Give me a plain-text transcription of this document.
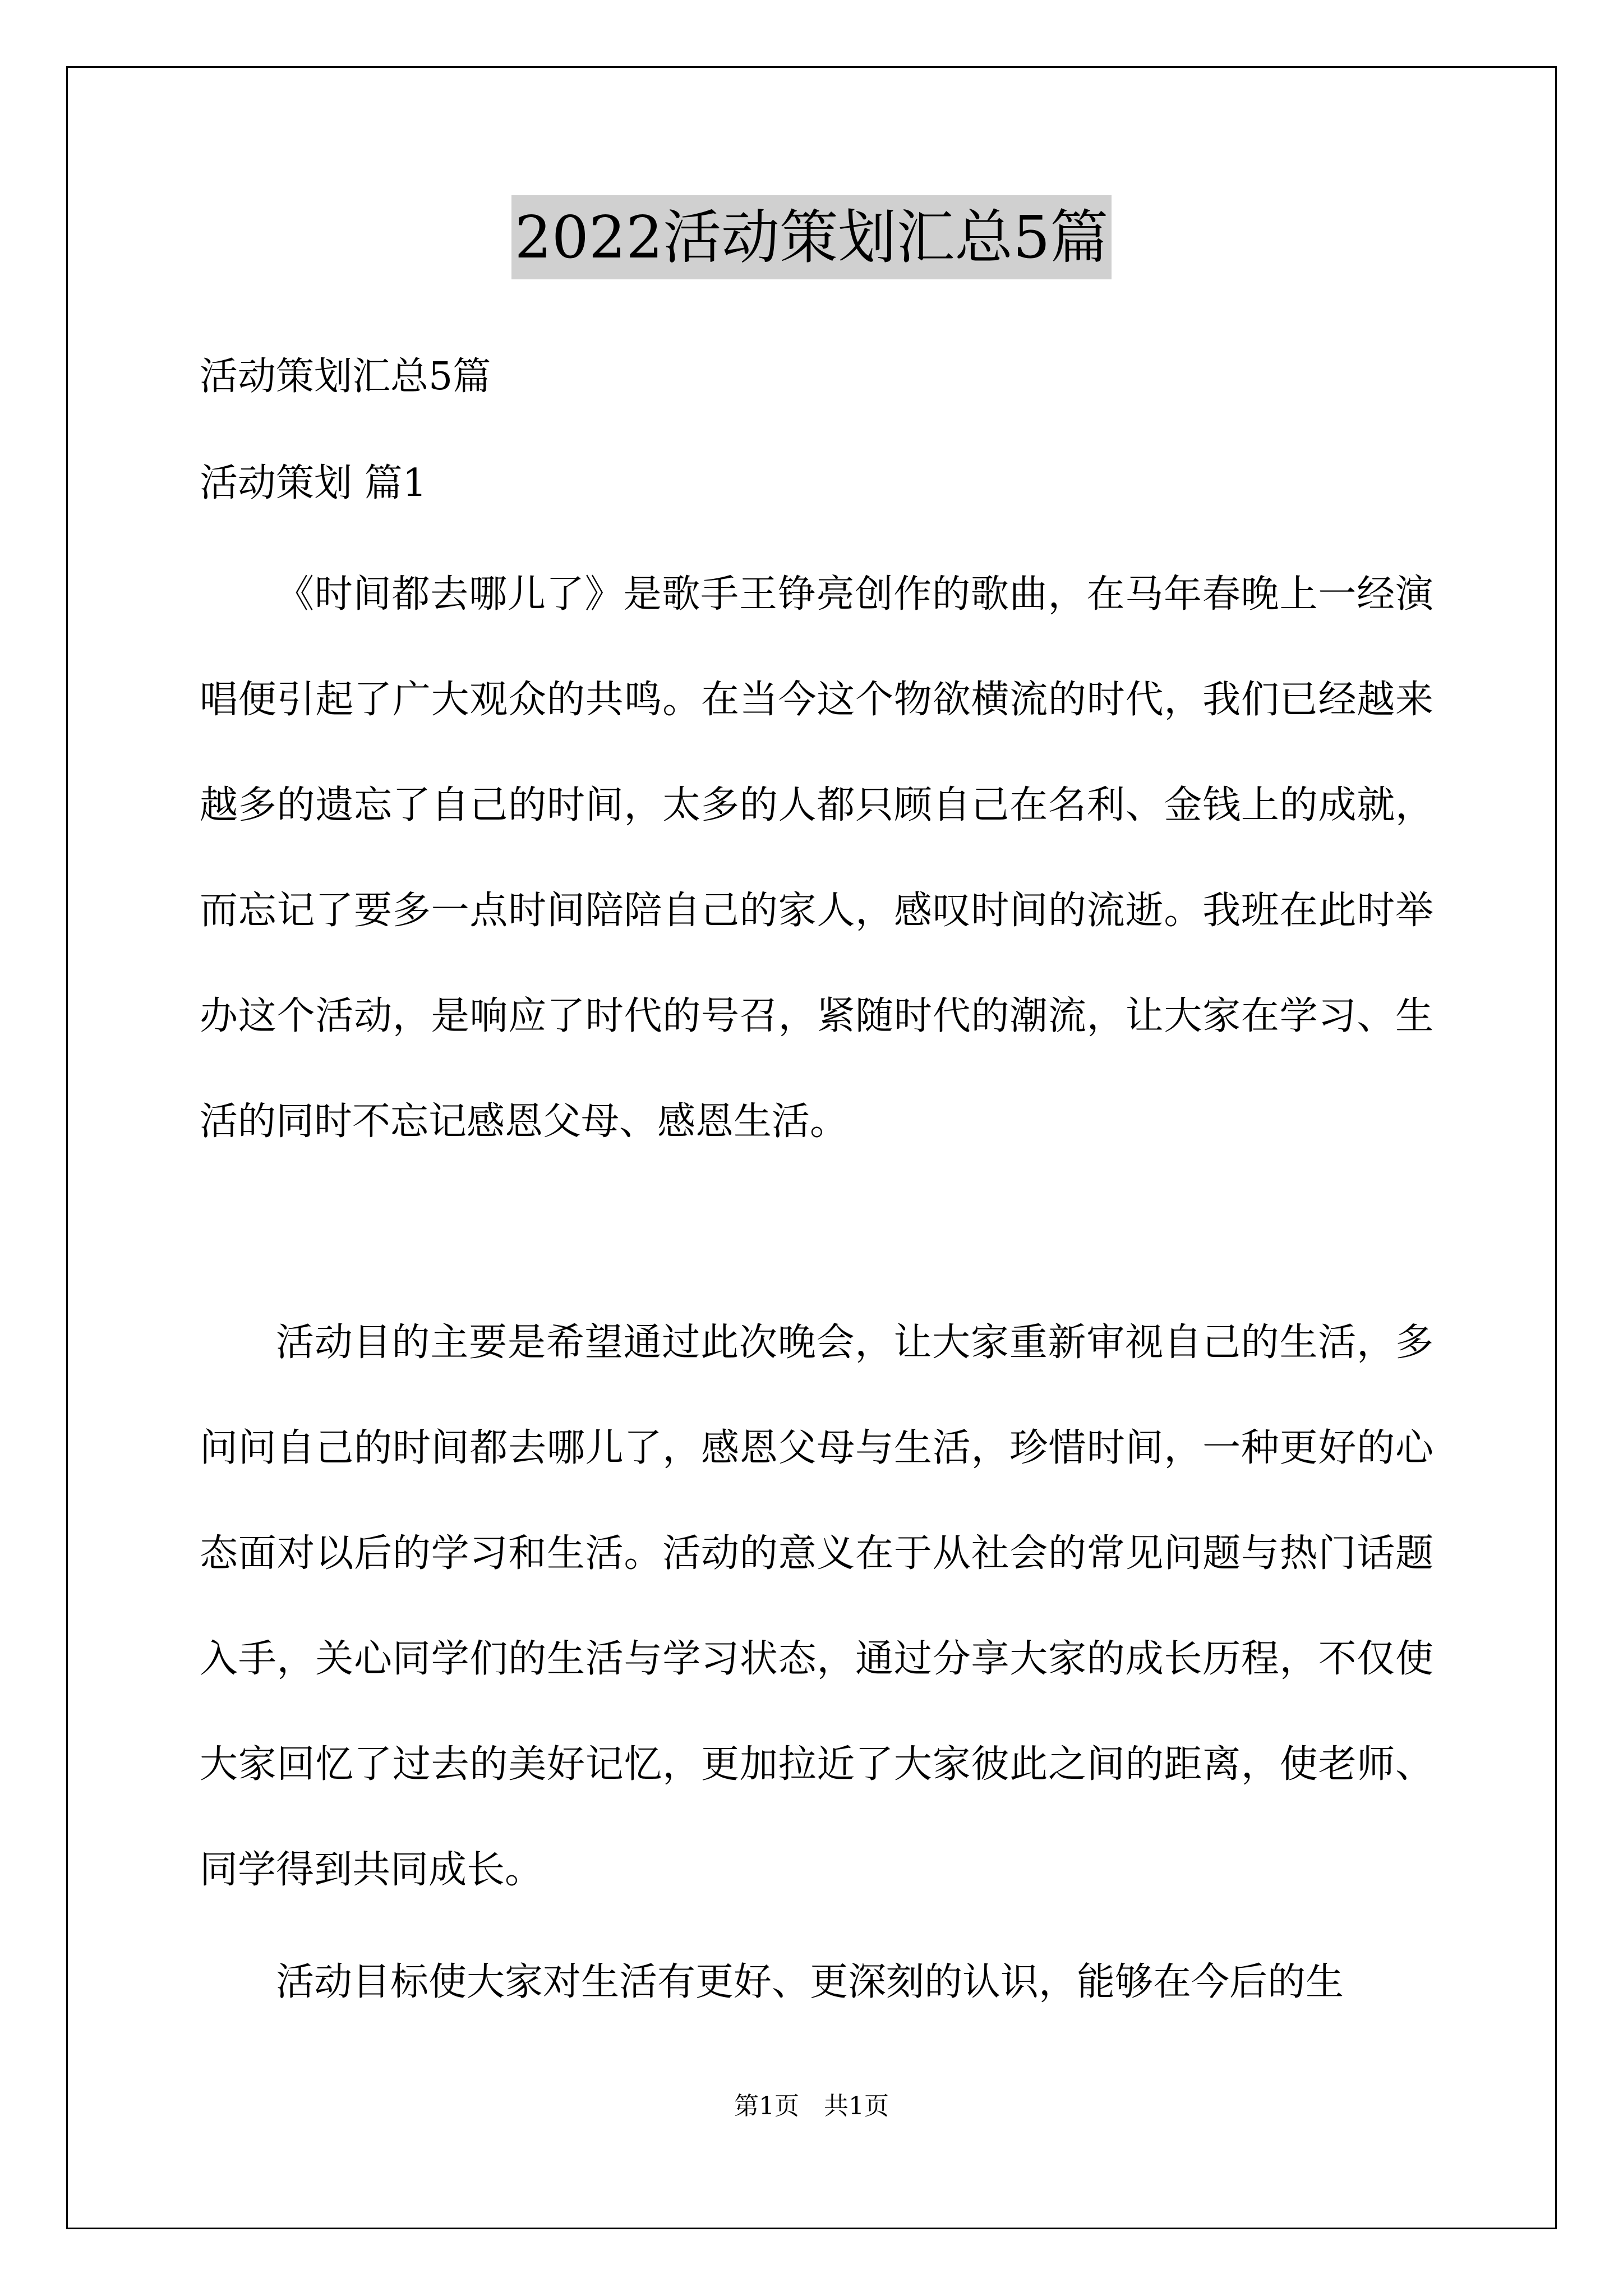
2022活动策划汇总5篇
活动策划汇总5篇
活动策划 篇1

《时间都去哪儿了》是歌手王铮亮创作的歌曲，在马年春晚上一经演唱便引起了广大观众的共鸣。在当今这个物欲横流的时代，我们已经越来越多的遗忘了自己的时间，太多的人都只顾自己在名利、金钱上的成就，而忘记了要多一点时间陪陪自己的家人，感叹时间的流逝。我班在此时举办这个活动，是响应了时代的号召，紧随时代的潮流，让大家在学习、生活的同时不忘记感恩父母、感恩生活。

活动目的主要是希望通过此次晚会，让大家重新审视自己的生活，多问问自己的时间都去哪儿了，感恩父母与生活，珍惜时间，一种更好的心态面对以后的学习和生活。活动的意义在于从社会的常见问题与热门话题入手，关心同学们的生活与学习状态，通过分享大家的成长历程，不仅使大家回忆了过去的美好记忆，更加拉近了大家彼此之间的距离，使老师、同学得到共同成长。

活动目标使大家对生活有更好、更深刻的认识，能够在今后的生

第1页　共1页
